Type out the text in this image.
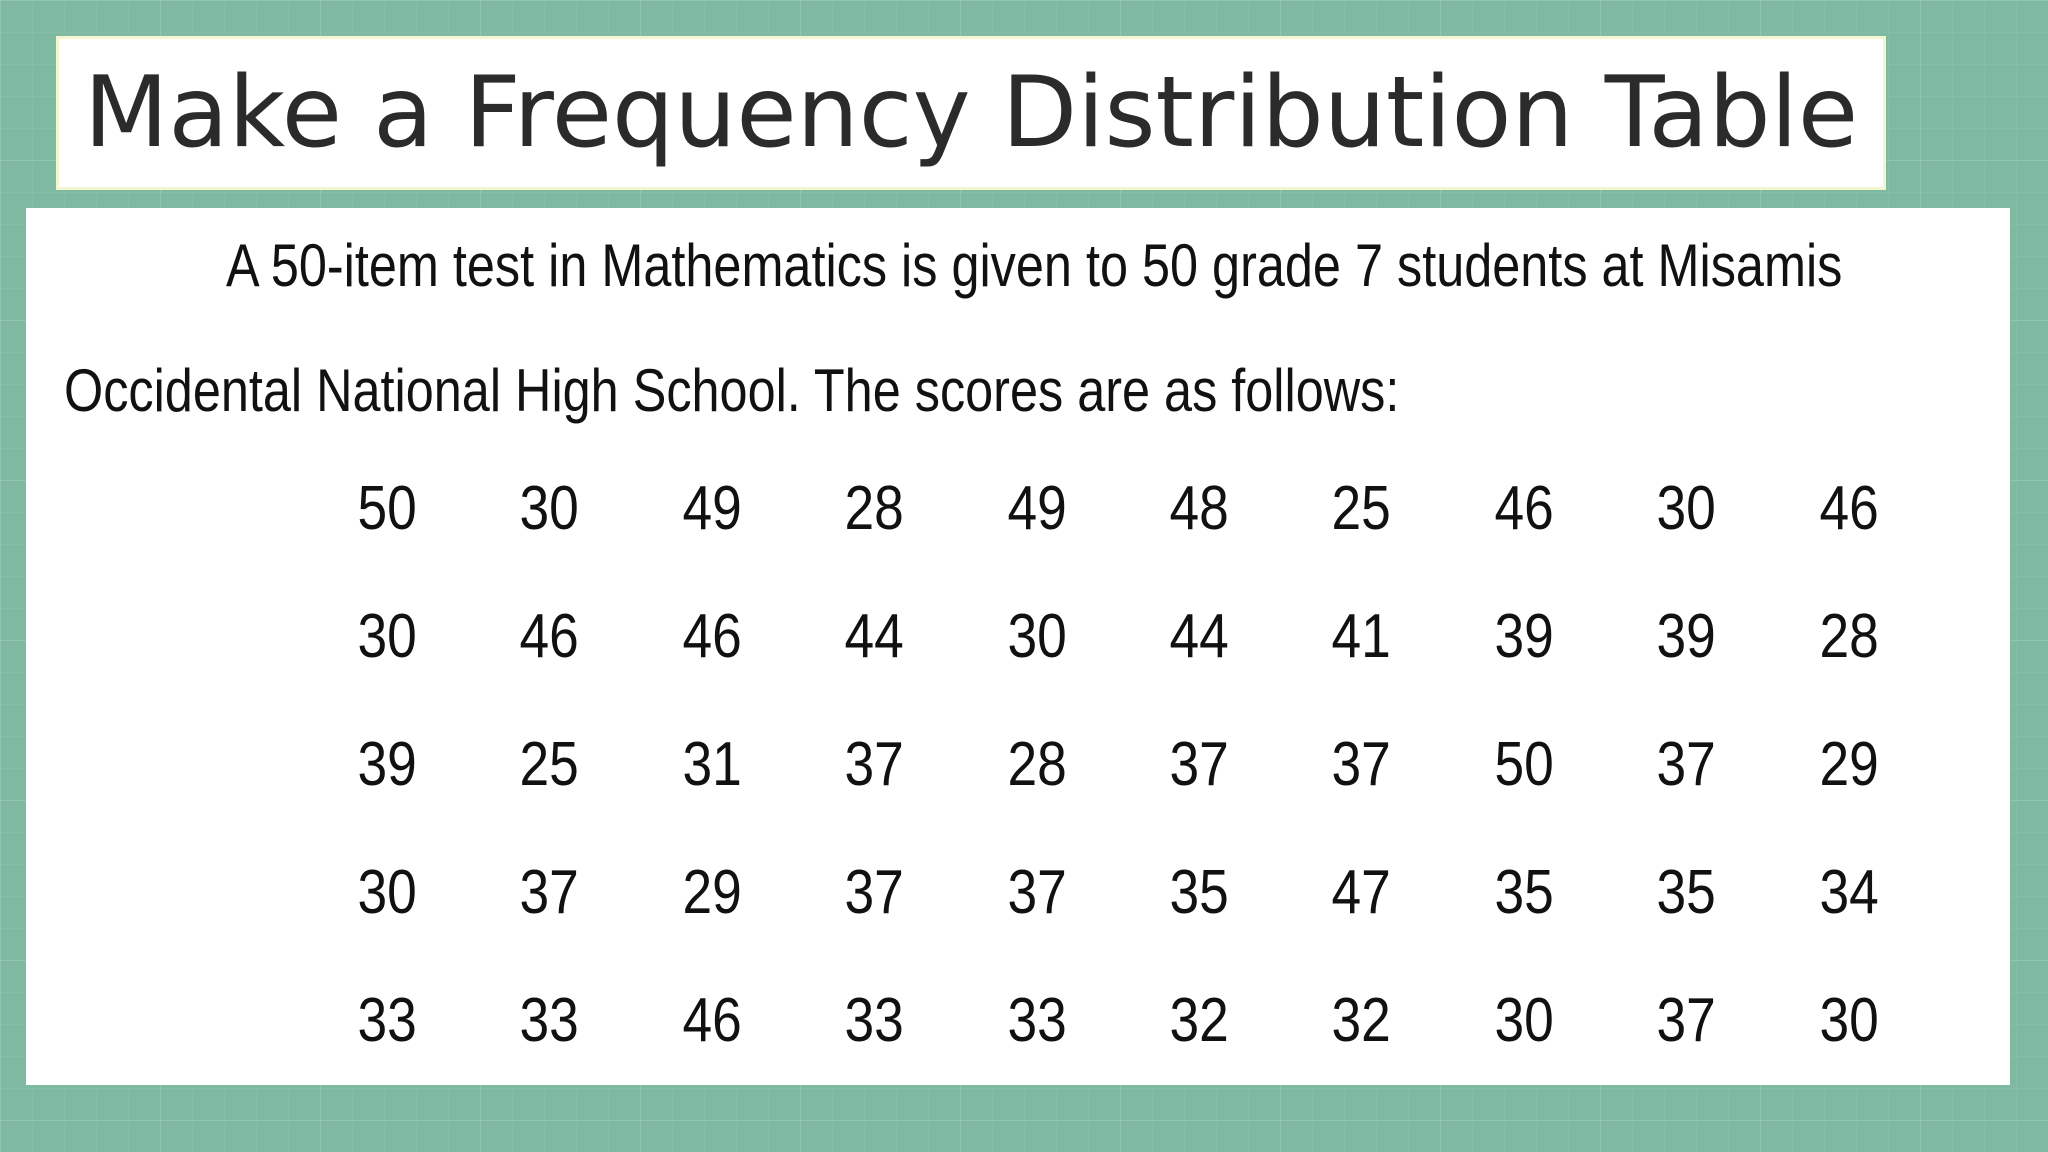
Make a Frequency Distribution Table
A 50-item test in Mathematics is given to 50 grade 7 students at Misamis
Occidental National High School. The scores are as follows:
50	30	49	28	49	48	25	46	30	46
30	46	46	44	30	44	41	39	39	28
39	25	31	37	28	37	37	50	37	29
30	37	29	37	37	35	47	35	35	34
33	33	46	33	33	32	32	30	37	30
